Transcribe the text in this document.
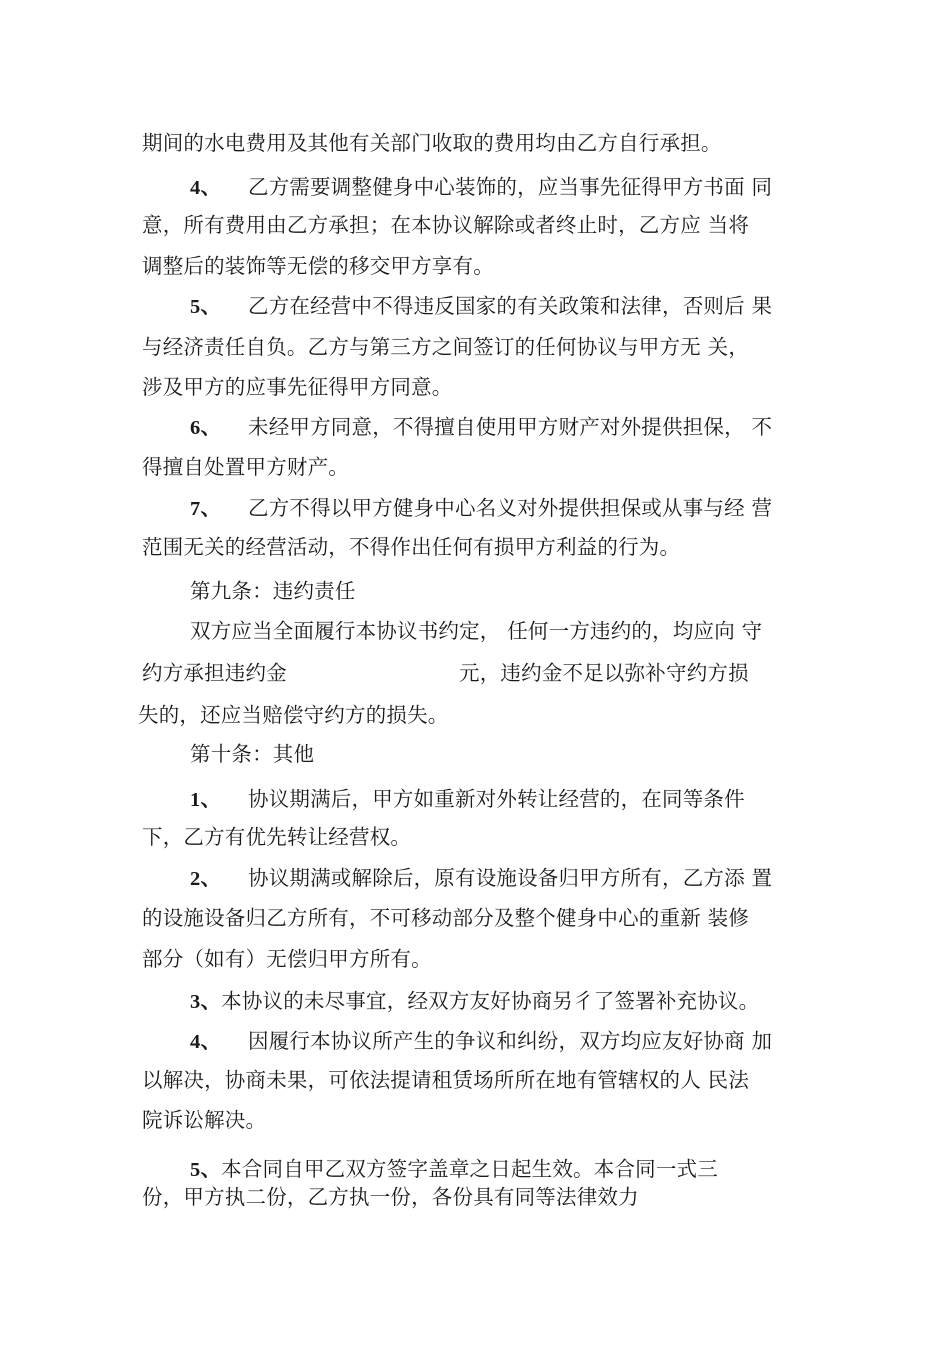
期间的水电费用及其他有关部门收取的费用均由乙方自行承担。
4、 乙方需要调整健身中心装饰的，应当事先征得甲方书面 同
意，所有费用由乙方承担；在本协议解除或者终止时，乙方应 当将
调整后的装饰等无偿的移交甲方享有。
5、 乙方在经营中不得违反国家的有关政策和法律，否则后 果
与经济责任自负。乙方与第三方之间签订的任何协议与甲方无 关，
涉及甲方的应事先征得甲方同意。
6、 未经甲方同意，不得擅自使用甲方财产对外提供担保， 不
得擅自处置甲方财产。
7、 乙方不得以甲方健身中心名义对外提供担保或从事与经 营
范围无关的经营活动，不得作出任何有损甲方利益的行为。
第九条：违约责任
双方应当全面履行本协议书约定， 任何一方违约的，均应向 守
约方承担违约金	元，违约金不足以弥补守约方损
失的，还应当赔偿守约方的损失。
第十条：其他
1、 协议期满后，甲方如重新对外转让经营的，在同等条件
下，乙方有优先转让经营权。
2、 协议期满或解除后，原有设施设备归甲方所有，乙方添 置
的设施设备归乙方所有，不可移动部分及整个健身中心的重新 装修
部分（如有）无偿归甲方所有。
3、本协议的未尽事宜，经双方友好协商另彳了签署补充协议。
4、 因履行本协议所产生的争议和纠纷，双方均应友好协商 加
以解决，协商未果，可依法提请租赁场所所在地有管辖权的人 民法
院诉讼解决。
5、本合同自甲乙双方签字盖章之日起生效。本合同一式三
份，甲方执二份，乙方执一份，各份具有同等法律效力
